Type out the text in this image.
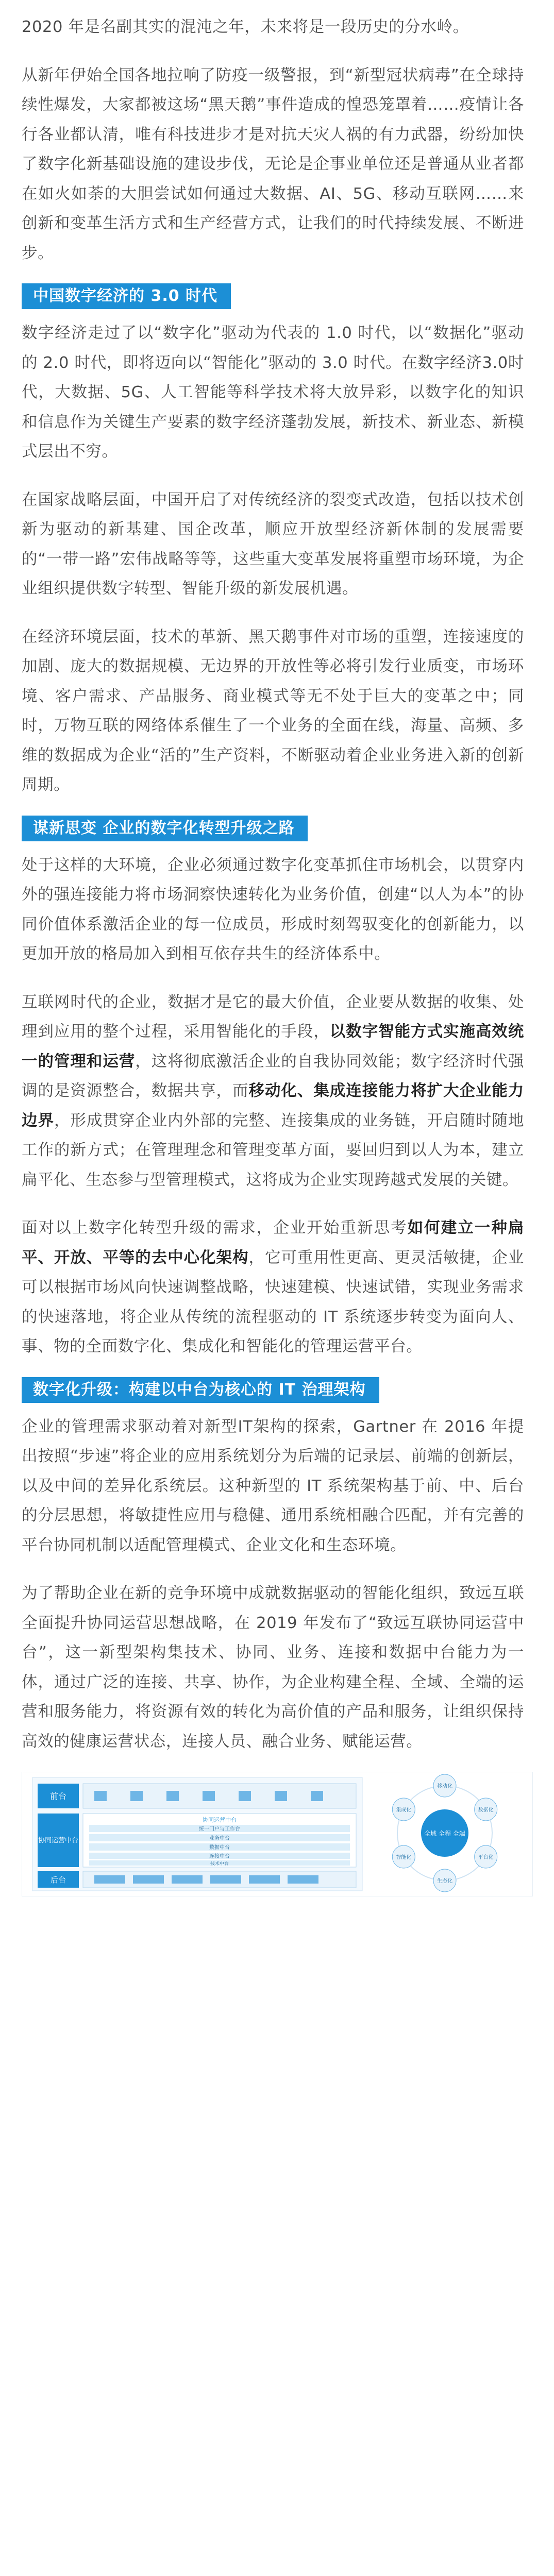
2020 年是名副其实的混沌之年，未来将是一段历史的分水岭。

从新年伊始全国各地拉响了防疫一级警报，到“新型冠状病毒”在全球持续性爆发，大家都被这场“黑天鹅”事件造成的惶恐笼罩着……疫情让各行各业都认清，唯有科技进步才是对抗天灾人祸的有力武器，纷纷加快了数字化新基础设施的建设步伐，无论是企事业单位还是普通从业者都在如火如荼的大胆尝试如何通过大数据、AI、5G、移动互联网……来创新和变革生活方式和生产经营方式，让我们的时代持续发展、不断进步。

中国数字经济的 3.0 时代

数字经济走过了以“数字化”驱动为代表的 1.0 时代，以“数据化”驱动的 2.0 时代，即将迈向以“智能化”驱动的 3.0 时代。在数字经济3.0时代，大数据、5G、人工智能等科学技术将大放异彩，以数字化的知识和信息作为关键生产要素的数字经济蓬勃发展，新技术、新业态、新模式层出不穷。

在国家战略层面，中国开启了对传统经济的裂变式改造，包括以技术创新为驱动的新基建、国企改革，顺应开放型经济新体制的发展需要的“一带一路”宏伟战略等等，这些重大变革发展将重塑市场环境，为企业组织提供数字转型、智能升级的新发展机遇。

在经济环境层面，技术的革新、黑天鹅事件对市场的重塑，连接速度的加剧、庞大的数据规模、无边界的开放性等必将引发行业质变，市场环境、客户需求、产品服务、商业模式等无不处于巨大的变革之中；同时，万物互联的网络体系催生了一个业务的全面在线，海量、高频、多维的数据成为企业“活的”生产资料，不断驱动着企业业务进入新的创新周期。

谋新思变 企业的数字化转型升级之路

处于这样的大环境，企业必须通过数字化变革抓住市场机会，以贯穿内外的强连接能力将市场洞察快速转化为业务价值，创建“以人为本”的协同价值体系激活企业的每一位成员，形成时刻驾驭变化的创新能力，以更加开放的格局加入到相互依存共生的经济体系中。

互联网时代的企业，数据才是它的最大价值，企业要从数据的收集、处理到应用的整个过程，采用智能化的手段，以数字智能方式实施高效统一的管理和运营，这将彻底激活企业的自我协同效能；数字经济时代强调的是资源整合，数据共享，而移动化、集成连接能力将扩大企业能力边界，形成贯穿企业内外部的完整、连接集成的业务链，开启随时随地工作的新方式；在管理理念和管理变革方面，要回归到以人为本，建立扁平化、生态参与型管理模式，这将成为企业实现跨越式发展的关键。

面对以上数字化转型升级的需求，企业开始重新思考如何建立一种扁平、开放、平等的去中心化架构，它可重用性更高、更灵活敏捷，企业可以根据市场风向快速调整战略，快速建模、快速试错，实现业务需求的快速落地，将企业从传统的流程驱动的 IT 系统逐步转变为面向人、事、物的全面数字化、集成化和智能化的管理运营平台。

数字化升级：构建以中台为核心的 IT 治理架构

企业的管理需求驱动着对新型IT架构的探索，Gartner 在 2016 年提出按照“步速”将企业的应用系统划分为后端的记录层、前端的创新层，以及中间的差异化系统层。这种新型的 IT 系统架构基于前、中、后台的分层思想，将敏捷性应用与稳健、通用系统相融合匹配，并有完善的平台协同机制以适配管理模式、企业文化和生态环境。

为了帮助企业在新的竞争环境中成就数据驱动的智能化组织，致远互联全面提升协同运营思想战略，在 2019 年发布了“致远互联协同运营中台”，这一新型架构集技术、协同、业务、连接和数据中台能力为一体，通过广泛的连接、共享、协作，为企业构建全程、全域、全端的运营和服务能力，将资源有效的转化为高价值的产品和服务，让组织保持高效的健康运营状态，连接人员、融合业务、赋能运营。

前台
协同运营中台
协同运营中台
统一门户与工作台
业务中台
数据中台
连接中台
技术中台
后台
全域 全程 全端
移动化
数据化
平台化
生态化
智能化
集成化
